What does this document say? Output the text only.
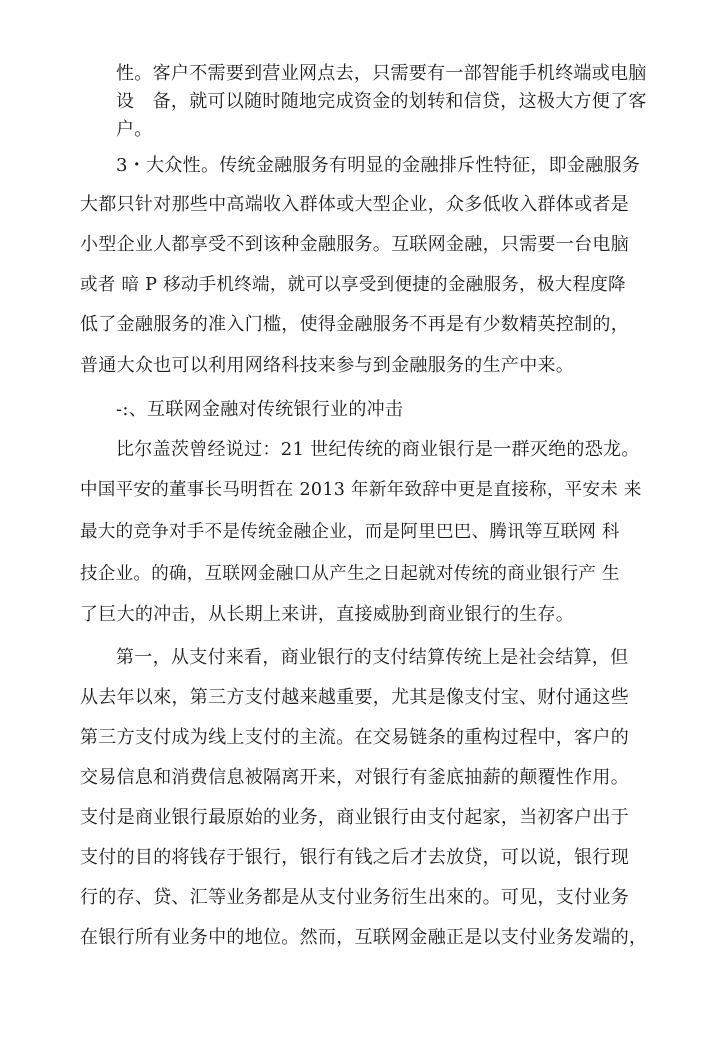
性。客户不需要到营业网点去，只需要有一部智能手机终端或电脑
设　备，就可以随时随地完成资金的划转和信贷，这极大方便了客
户。
3・大众性。传统金融服务有明显的金融排斥性特征，即金融服务
大都只针对那些中高端收入群体或大型企业，众多低收入群体或者是
小型企业人都享受不到该种金融服务。互联网金融，只需要一台电脑
或者 暗 P 移动手机终端，就可以享受到便捷的金融服务，极大程度降
低了金融服务的准入门槛，使得金融服务不再是有少数精英控制的，
普通大众也可以利用网络科技来参与到金融服务的生产中来。
-:、互联网金融对传统银行业的冲击
比尔盖茨曾经说过：21 世纪传统的商业银行是一群灭绝的恐龙。
中国平安的董事长马明哲在 2013 年新年致辞中更是直接称，平安未 来
最大的竞争对手不是传统金融企业，而是阿里巴巴、腾讯等互联网 科
技企业。的确，互联网金融口从产生之日起就对传统的商业银行产 生
了巨大的冲击，从长期上来讲，直接威胁到商业银行的生存。
第一，从支付来看，商业银行的支付结算传统上是社会结算，但
从去年以來，第三方支付越来越重要，尤其是像支付宝、财付通这些
第三方支付成为线上支付的主流。在交易链条的重构过程中，客户的
交易信息和消费信息被隔离开来，对银行有釜底抽薪的颠覆性作用。
支付是商业银行最原始的业务，商业银行由支付起家，当初客户出于
支付的目的将钱存于银行，银行有钱之后才去放贷，可以说，银行现
行的存、贷、汇等业务都是从支付业务衍生出來的。可见，支付业务
在银行所有业务中的地位。然而，互联网金融正是以支付业务发端的，
